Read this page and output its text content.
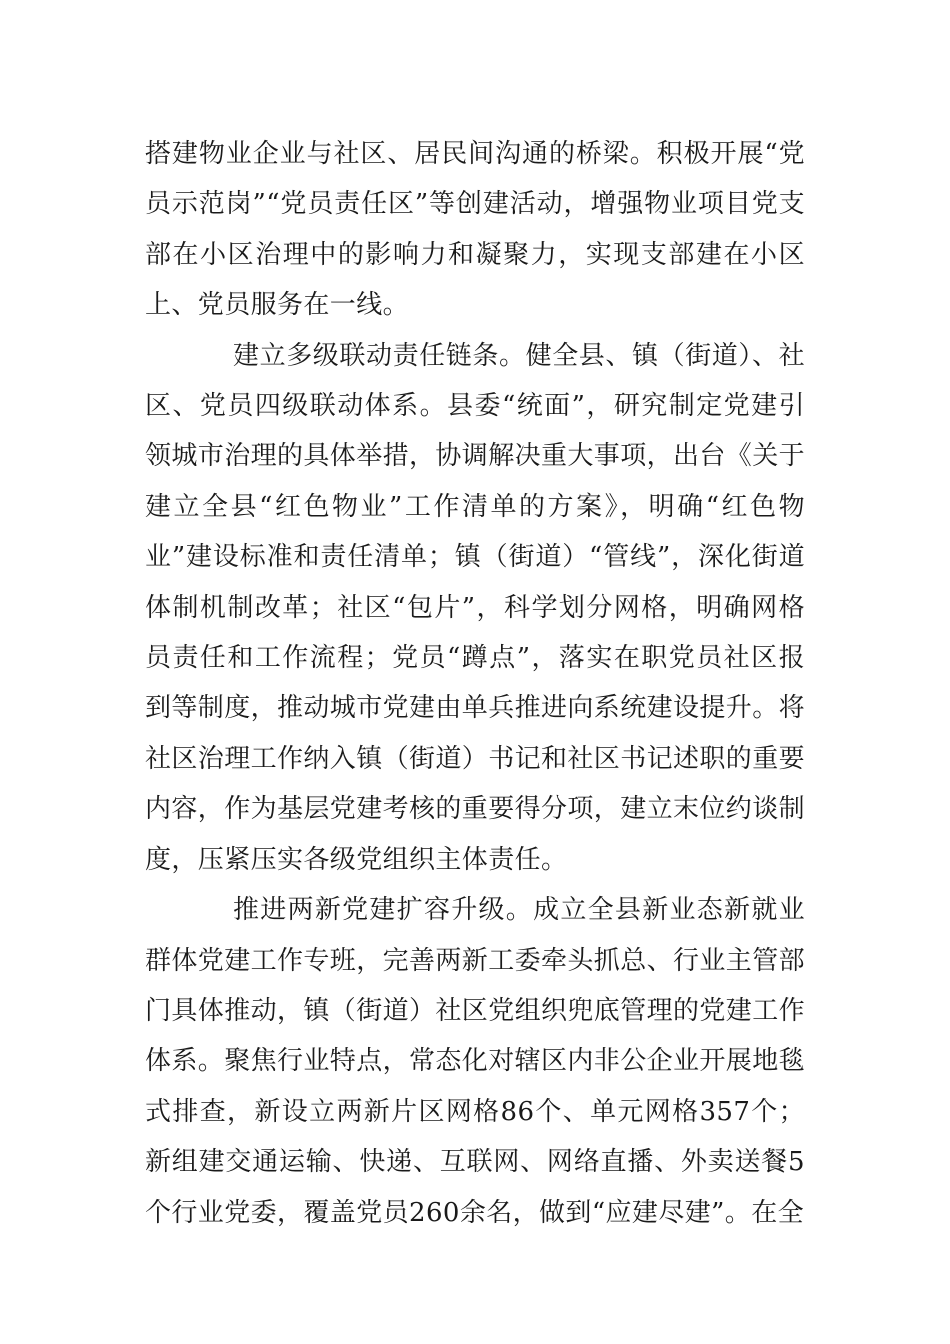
搭建物业企业与社区、居民间沟通的桥梁。积极开展“党员示范岗”“党员责任区”等创建活动，增强物业项目党支部在小区治理中的影响力和凝聚力，实现支部建在小区上、党员服务在一线。

建立多级联动责任链条。健全县、镇（街道）、社区、党员四级联动体系。县委“统面”，研究制定党建引领城市治理的具体举措，协调解决重大事项，出台《关于建立全县“红色物业”工作清单的方案》，明确“红色物业”建设标准和责任清单；镇（街道）“管线”，深化街道体制机制改革；社区“包片”，科学划分网格，明确网格员责任和工作流程；党员“蹲点”，落实在职党员社区报到等制度，推动城市党建由单兵推进向系统建设提升。将社区治理工作纳入镇（街道）书记和社区书记述职的重要内容，作为基层党建考核的重要得分项，建立末位约谈制度，压紧压实各级党组织主体责任。

推进两新党建扩容升级。成立全县新业态新就业群体党建工作专班，完善两新工委牵头抓总、行业主管部门具体推动，镇（街道）社区党组织兜底管理的党建工作体系。聚焦行业特点，常态化对辖区内非公企业开展地毯式排查，新设立两新片区网格86个、单元网格357个；新组建交通运输、快递、互联网、网络直播、外卖送餐5个行业党委，覆盖党员260余名，做到“应建尽建”。在全
